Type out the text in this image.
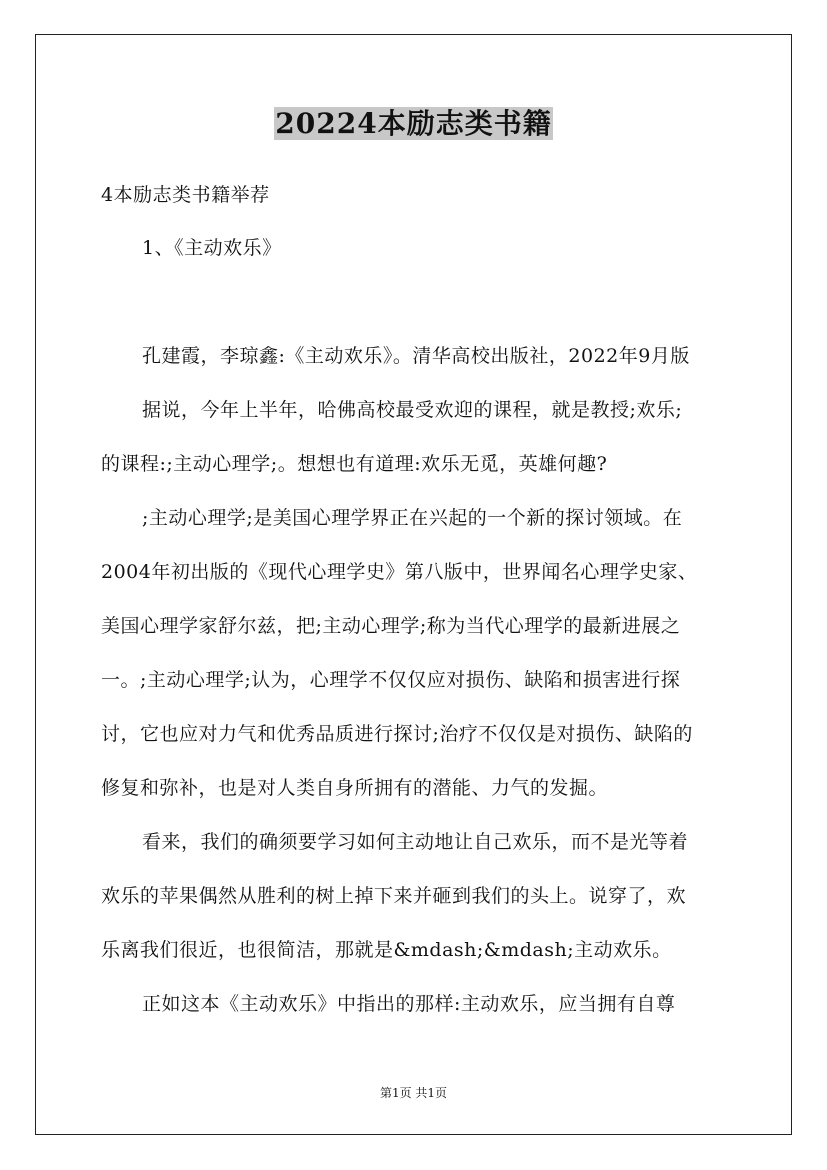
20224本励志类书籍
4本励志类书籍举荐
1、《主动欢乐》
孔建霞，李琼鑫:《主动欢乐》。清华高校出版社，2022年9月版
据说，今年上半年，哈佛高校最受欢迎的课程，就是教授;欢乐;
的课程:;主动心理学;。想想也有道理:欢乐无觅，英雄何趣?
;主动心理学;是美国心理学界正在兴起的一个新的探讨领域。在
2004年初出版的《现代心理学史》第八版中，世界闻名心理学史家、
美国心理学家舒尔兹，把;主动心理学;称为当代心理学的最新进展之
一。;主动心理学;认为，心理学不仅仅应对损伤、缺陷和损害进行探
讨，它也应对力气和优秀品质进行探讨;治疗不仅仅是对损伤、缺陷的
修复和弥补，也是对人类自身所拥有的潜能、力气的发掘。
看来，我们的确须要学习如何主动地让自己欢乐，而不是光等着
欢乐的苹果偶然从胜利的树上掉下来并砸到我们的头上。说穿了，欢
乐离我们很近，也很简洁，那就是&mdash;&mdash;主动欢乐。
正如这本《主动欢乐》中指出的那样:主动欢乐，应当拥有自尊
第1页 共1页
